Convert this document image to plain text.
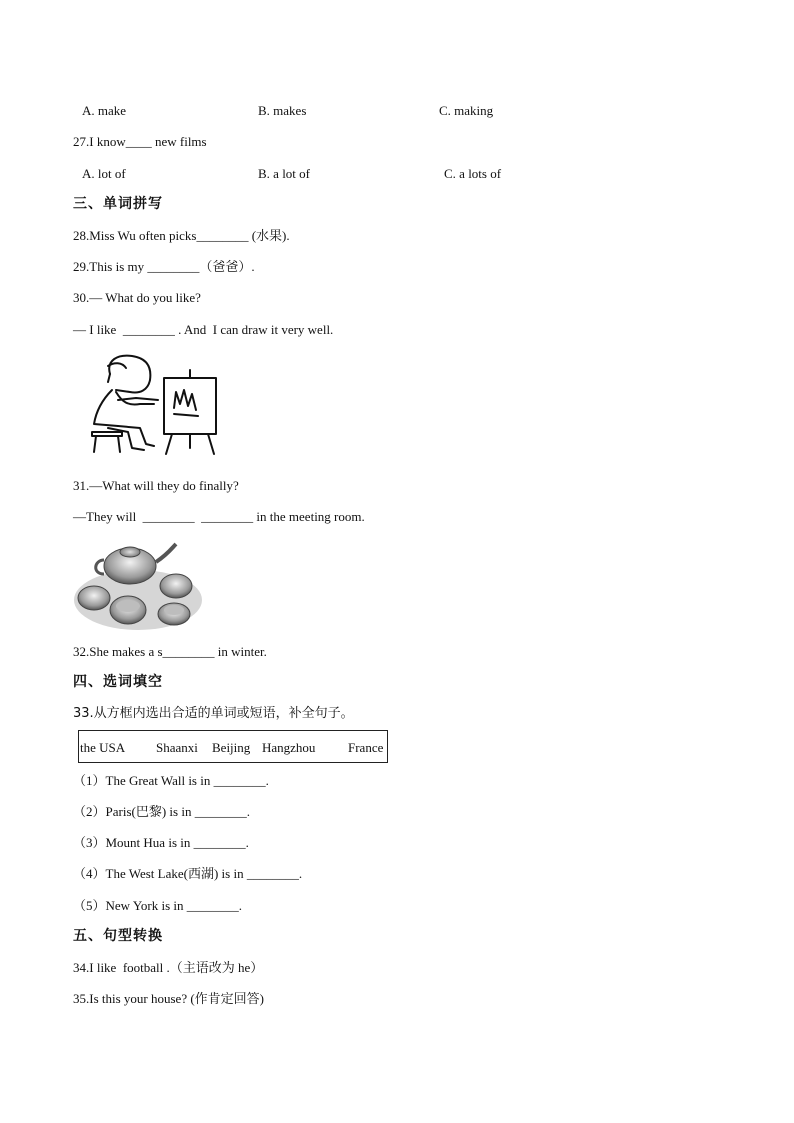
A. make	B. makes	C. making
27.I know____ new films
A. lot of	B. a lot of	C. a lots of
三、单词拼写
28.Miss Wu often picks________ (水果).
29.This is my ________（爸爸）.
30.— What do you like?
— I like  ________ . And  I can draw it very well.
31.—What will they do finally?
—They will  ________  ________ in the meeting room.
32.She makes a s________ in winter.
四、选词填空
33.从方框内选出合适的单词或短语，补全句子。
the USA Shaanxi Beijing Hangzhou	France
（1）The Great Wall is in ________.
（2）Paris(巴黎) is in ________.
（3）Mount Hua is in ________.
（4）The West Lake(西湖) is in ________.
（5）New York is in ________.
五、句型转换
34.I like  football .（主语改为 he）
35.Is this your house? (作肯定回答)
